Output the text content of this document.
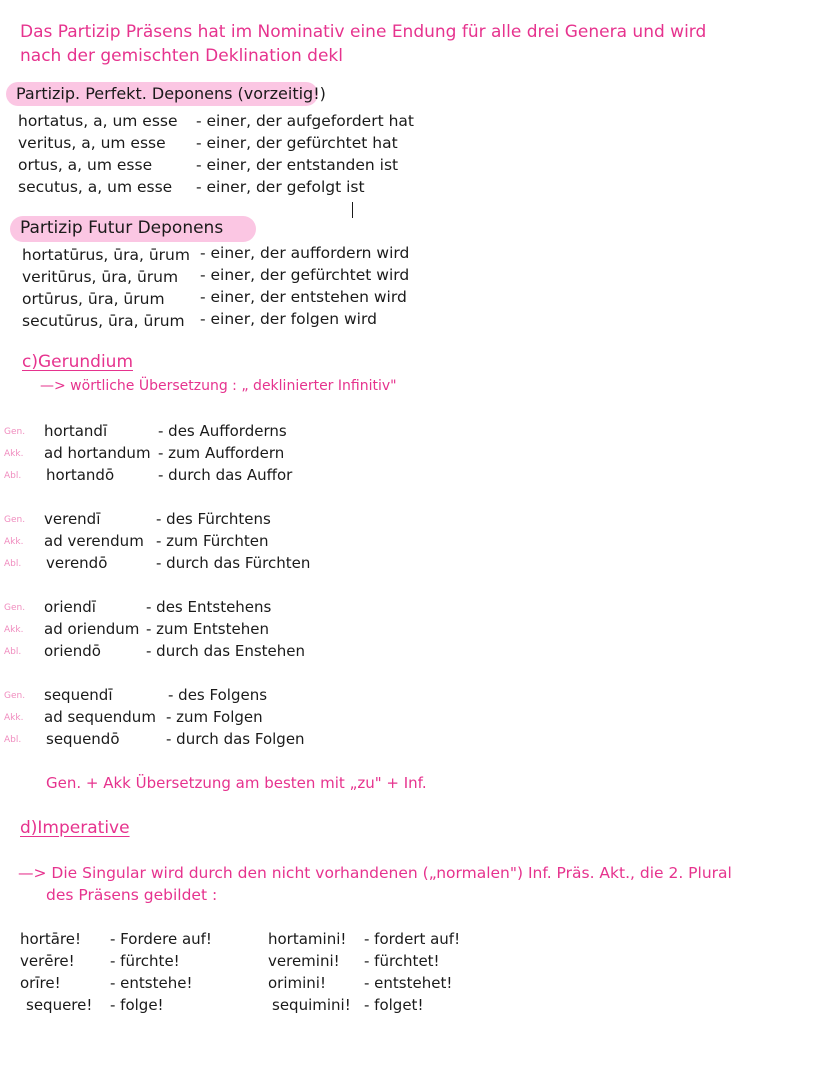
Das Partizip Präsens hat im Nominativ eine Endung für alle drei Genera und wird
nach der gemischten Deklination dekl
Partizip. Perfekt. Deponens (vorzeitig!)
hortatus, a, um esse - einer, der aufgefordert hat
veritus, a, um esse - einer, der gefürchtet hat
ortus, a, um esse	- einer, der entstanden ist
secutus, a, um esse - einer, der gefolgt ist
Partizip Futur Deponens
hortatūrus, ūra, ūrum - einer, der auffordern wird
veritūrus, ūra, ūrum - einer, der gefürchtet wird
ortūrus, ūra, ūrum - einer, der entstehen wird
secutūrus, ūra, ūrum - einer, der folgen wird
c)Gerundium
—> wörtliche Übersetzung : „ deklinierter Infinitiv"
Gen. hortandī	- des Aufforderns
Akk. ad hortandum - zum Auffordern
Abl. hortandō	- durch das Auffor
Gen. verendī	- des Fürchtens
Akk. ad verendum - zum Fürchten
Abl. verendō	- durch das Fürchten
Gen. oriendī	- des Entstehens
Akk. ad oriendum - zum Entstehen
Abl. oriendō	- durch das Enstehen
Gen. sequendī	- des Folgens
Akk. ad sequendum - zum Folgen
Abl. sequendō	- durch das Folgen
Gen. + Akk Übersetzung am besten mit „zu" + Inf.
d)Imperative
—> Die Singular wird durch den nicht vorhandenen („normalen") Inf. Präs. Akt., die 2. Plural
des Präsens gebildet :
hortāre! - Fordere auf!	hortamini! - fordert auf!
verēre! - fürchte!	veremini! - fürchtet!
orīre!	- entstehe!	orimini!	- entstehet!
sequere! - folge!	sequimini! - folget!
